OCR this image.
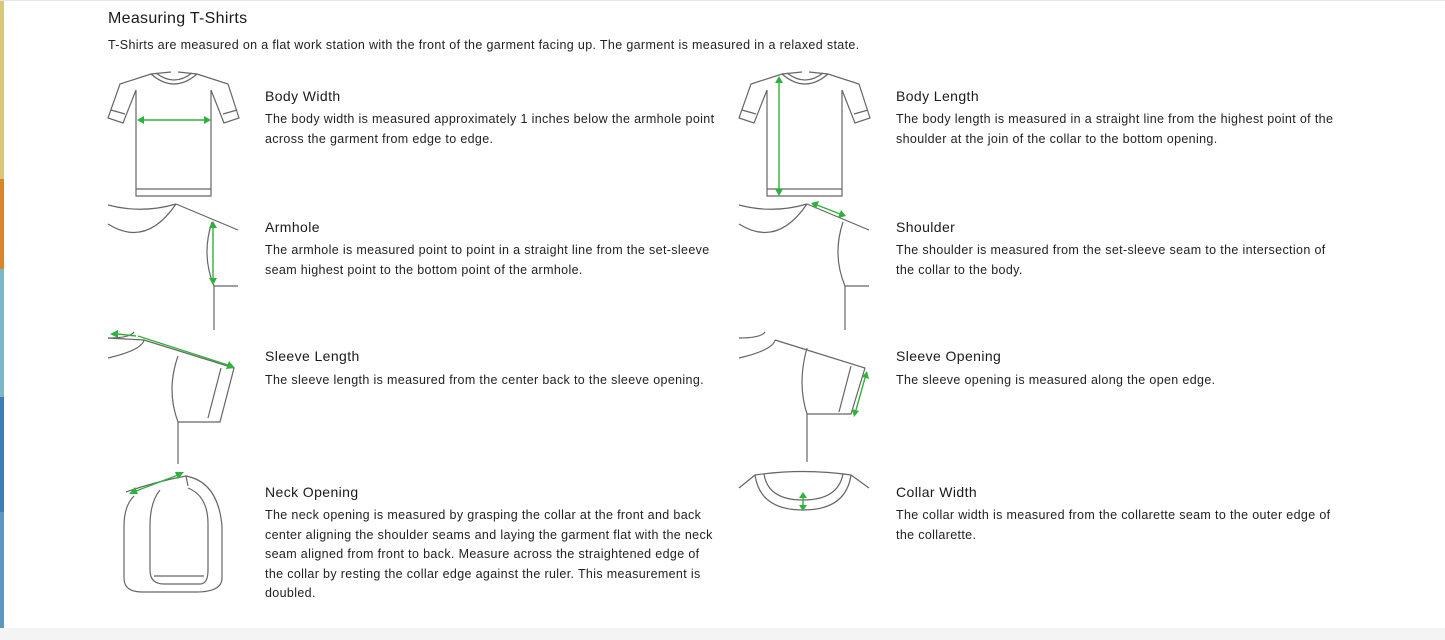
Measuring T-Shirts
T-Shirts are measured on a flat work station with the front of the garment facing up. The garment is measured in a relaxed state.
Body Width
The body width is measured approximately 1 inches below the armhole point across the garment from edge to edge.
Body Length
The body length is measured in a straight line from the highest point of the shoulder at the join of the collar to the bottom opening.
Armhole
The armhole is measured point to point in a straight line from the set-sleeve seam highest point to the bottom point of the armhole.
Shoulder
The shoulder is measured from the set-sleeve seam to the intersection of the collar to the body.
Sleeve Length
The sleeve length is measured from the center back to the sleeve opening.
Sleeve Opening
The sleeve opening is measured along the open edge.
Neck Opening
The neck opening is measured by grasping the collar at the front and back center aligning the shoulder seams and laying the garment flat with the neck seam aligned from front to back. Measure across the straightened edge of the collar by resting the collar edge against the ruler. This measurement is doubled.
Collar Width
The collar width is measured from the collarette seam to the outer edge of the collarette.
